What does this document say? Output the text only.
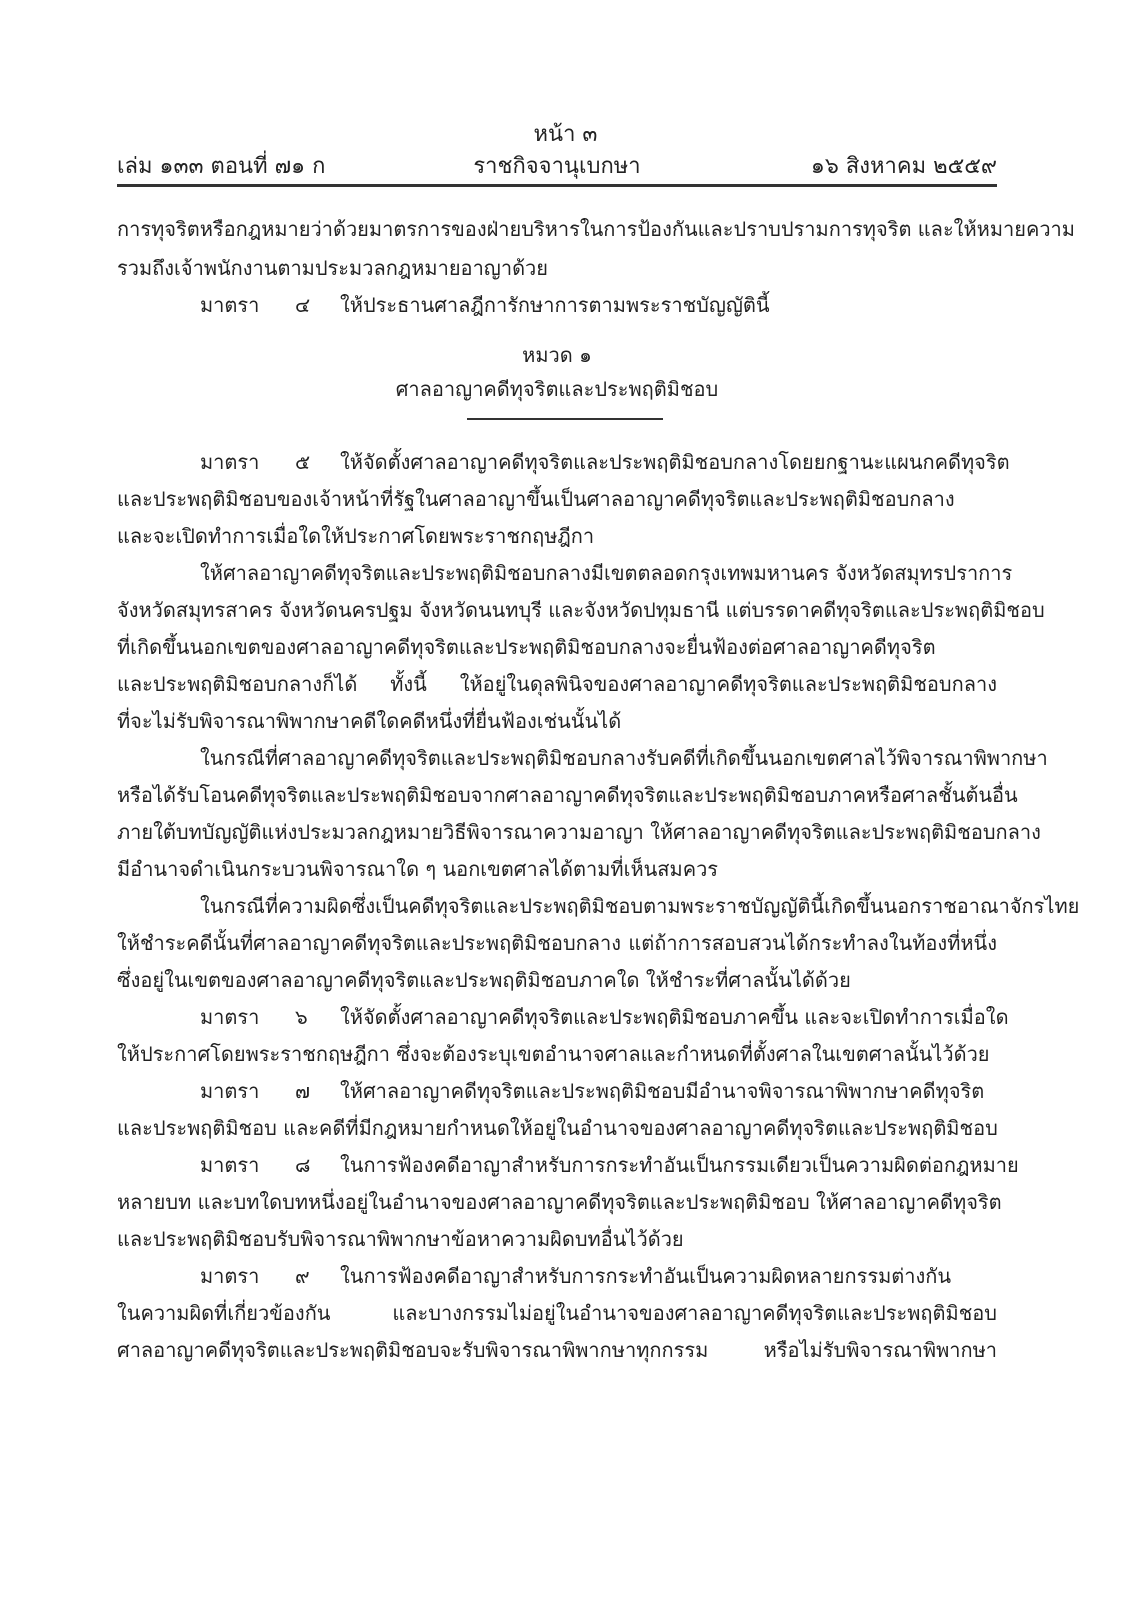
หน้า ๓
เล่ม ๑๓๓ ตอนที่ ๗๑ ก	ราชกิจจานุเบกษา	๑๖ สิงหาคม ๒๕๕๙
การทุจริตหรือกฎหมายว่าด้วยมาตรการของฝ่ายบริหารในการป้องกันและปราบปรามการทุจริต และให้หมายความ
รวมถึงเจ้าพนักงานตามประมวลกฎหมายอาญาด้วย
มาตรา ๔ ให้ประธานศาลฎีการักษาการตามพระราชบัญญัตินี้
หมวด ๑
ศาลอาญาคดีทุจริตและประพฤติมิชอบ
มาตรา ๕ ให้จัดตั้งศาลอาญาคดีทุจริตและประพฤติมิชอบกลางโดยยกฐานะแผนกคดีทุจริต
และประพฤติมิชอบของเจ้าหน้าที่รัฐในศาลอาญาขึ้นเป็นศาลอาญาคดีทุจริตและประพฤติมิชอบกลาง
และจะเปิดทำการเมื่อใดให้ประกาศโดยพระราชกฤษฎีกา
ให้ศาลอาญาคดีทุจริตและประพฤติมิชอบกลางมีเขตตลอดกรุงเทพมหานคร จังหวัดสมุทรปราการ
จังหวัดสมุทรสาคร จังหวัดนครปฐม จังหวัดนนทบุรี และจังหวัดปทุมธานี แต่บรรดาคดีทุจริตและประพฤติมิชอบ
ที่เกิดขึ้นนอกเขตของศาลอาญาคดีทุจริตและประพฤติมิชอบกลางจะยื่นฟ้องต่อศาลอาญาคดีทุจริต
และประพฤติมิชอบกลางก็ได้ ทั้งนี้ ให้อยู่ในดุลพินิจของศาลอาญาคดีทุจริตและประพฤติมิชอบกลาง
ที่จะไม่รับพิจารณาพิพากษาคดีใดคดีหนึ่งที่ยื่นฟ้องเช่นนั้นได้
ในกรณีที่ศาลอาญาคดีทุจริตและประพฤติมิชอบกลางรับคดีที่เกิดขึ้นนอกเขตศาลไว้พิจารณาพิพากษา
หรือได้รับโอนคดีทุจริตและประพฤติมิชอบจากศาลอาญาคดีทุจริตและประพฤติมิชอบภาคหรือศาลชั้นต้นอื่น
ภายใต้บทบัญญัติแห่งประมวลกฎหมายวิธีพิจารณาความอาญา ให้ศาลอาญาคดีทุจริตและประพฤติมิชอบกลาง
มีอำนาจดำเนินกระบวนพิจารณาใด ๆ นอกเขตศาลได้ตามที่เห็นสมควร
ในกรณีที่ความผิดซึ่งเป็นคดีทุจริตและประพฤติมิชอบตามพระราชบัญญัตินี้เกิดขึ้นนอกราชอาณาจักรไทย
ให้ชำระคดีนั้นที่ศาลอาญาคดีทุจริตและประพฤติมิชอบกลาง แต่ถ้าการสอบสวนได้กระทำลงในท้องที่หนึ่ง
ซึ่งอยู่ในเขตของศาลอาญาคดีทุจริตและประพฤติมิชอบภาคใด ให้ชำระที่ศาลนั้นได้ด้วย
มาตรา ๖ ให้จัดตั้งศาลอาญาคดีทุจริตและประพฤติมิชอบภาคขึ้น และจะเปิดทำการเมื่อใด
ให้ประกาศโดยพระราชกฤษฎีกา ซึ่งจะต้องระบุเขตอำนาจศาลและกำหนดที่ตั้งศาลในเขตศาลนั้นไว้ด้วย
มาตรา ๗ ให้ศาลอาญาคดีทุจริตและประพฤติมิชอบมีอำนาจพิจารณาพิพากษาคดีทุจริต
และประพฤติมิชอบ และคดีที่มีกฎหมายกำหนดให้อยู่ในอำนาจของศาลอาญาคดีทุจริตและประพฤติมิชอบ
มาตรา ๘ ในการฟ้องคดีอาญาสำหรับการกระทำอันเป็นกรรมเดียวเป็นความผิดต่อกฎหมาย
หลายบท และบทใดบทหนึ่งอยู่ในอำนาจของศาลอาญาคดีทุจริตและประพฤติมิชอบ ให้ศาลอาญาคดีทุจริต
และประพฤติมิชอบรับพิจารณาพิพากษาข้อหาความผิดบทอื่นไว้ด้วย
มาตรา ๙ ในการฟ้องคดีอาญาสำหรับการกระทำอันเป็นความผิดหลายกรรมต่างกัน
ในความผิดที่เกี่ยวข้องกัน และบางกรรมไม่อยู่ในอำนาจของศาลอาญาคดีทุจริตและประพฤติมิชอบ
ศาลอาญาคดีทุจริตและประพฤติมิชอบจะรับพิจารณาพิพากษาทุกกรรม หรือไม่รับพิจารณาพิพากษา
